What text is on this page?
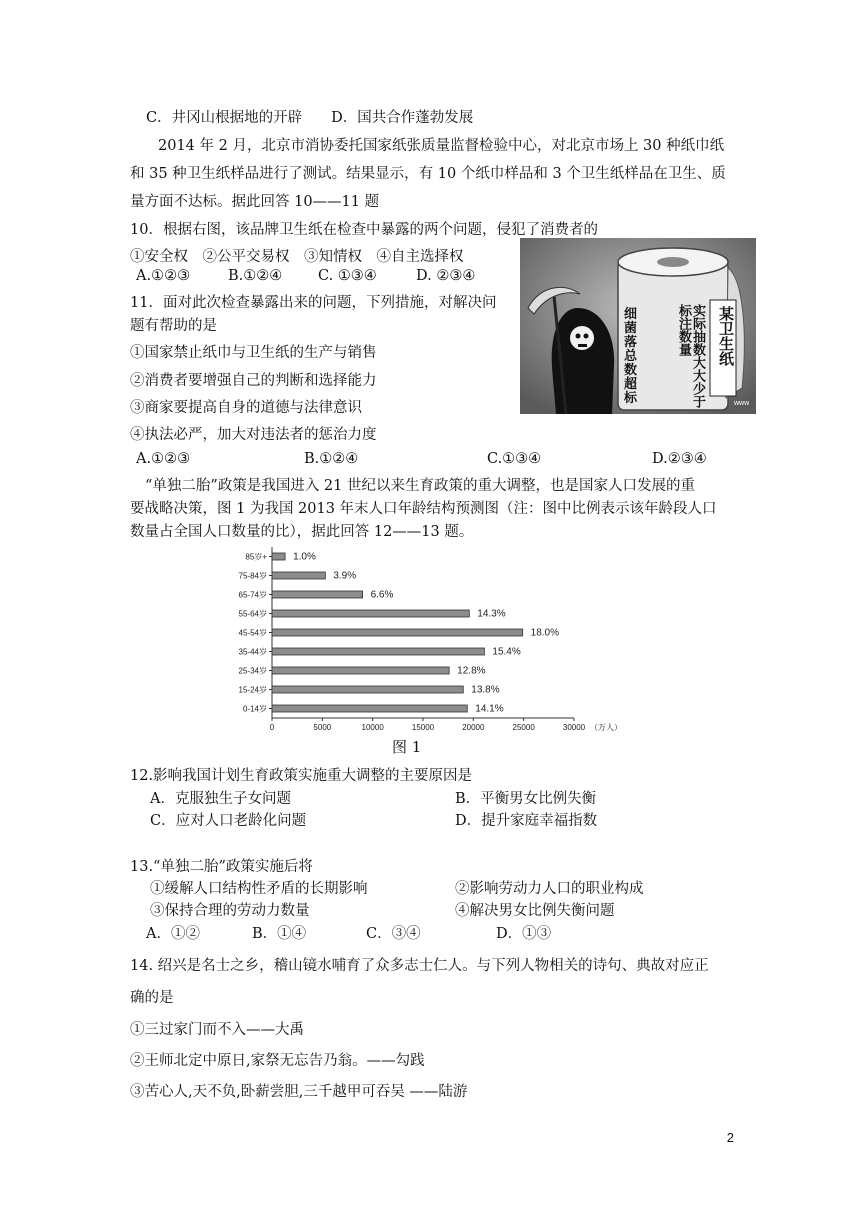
C．井冈山根据地的开辟　　D．国共合作蓬勃发展
2014 年 2 月，北京市消协委托国家纸张质量监督检验中心，对北京市场上 30 种纸巾纸
和 35 种卫生纸样品进行了测试。结果显示，有 10 个纸巾样品和 3 个卫生纸样品在卫生、质
量方面不达标。据此回答 10——11 题
10．根据右图，该品牌卫生纸在检查中暴露的两个问题，侵犯了消费者的
①安全权　②公平交易权　③知情权　④自主选择权
A.①②③	B.①②④ C. ①③④	D. ②③④
11．面对此次检查暴露出来的问题，下列措施，对解决问
题有帮助的是
①国家禁止纸巾与卫生纸的生产与销售
②消费者要增强自己的判断和选择能力
③商家要提高自身的道德与法律意识
④执法必严，加大对违法者的惩治力度
A.①②③	B.①②④	C.①③④	D.②③④
“单独二胎”政策是我国进入 21 世纪以来生育政策的重大调整，也是国家人口发展的重
要战略决策，图 1 为我国 2013 年末人口年龄结构预测图（注：图中比例表示该年龄段人口
数量占全国人口数量的比），据此回答 12——13 题。
细菌落总数超标	实际抽数大大少于标注数量	某卫生纸
www
85岁+	1.0%
75-84岁	3.9%
65-74岁	6.6%
55-64岁	14.3%
45-54岁	18.0%
35-44岁	15.4%
25-34岁	12.8%
15-24岁	13.8%
0-14岁	14.1%
0	5000	10000	15000	20000	25000	30000 （万人）
图 1
12.影响我国计划生育政策实施重大调整的主要原因是
A．克服独生子女问题	B．平衡男女比例失衡
C．应对人口老龄化问题	D．提升家庭幸福指数
13.“单独二胎”政策实施后将
①缓解人口结构性矛盾的长期影响	②影响劳动力人口的职业构成
③保持合理的劳动力数量	④解决男女比例失衡问题
A．①②	B．①④	C．③④	D．①③
14. 绍兴是名士之乡，稽山镜水哺育了众多志士仁人。与下列人物相关的诗句、典故对应正
确的是
①三过家门而不入——大禹
②王师北定中原日,家祭无忘告乃翁。——勾践
③苦心人,天不负,卧薪尝胆,三千越甲可吞吴 ——陆游
2
